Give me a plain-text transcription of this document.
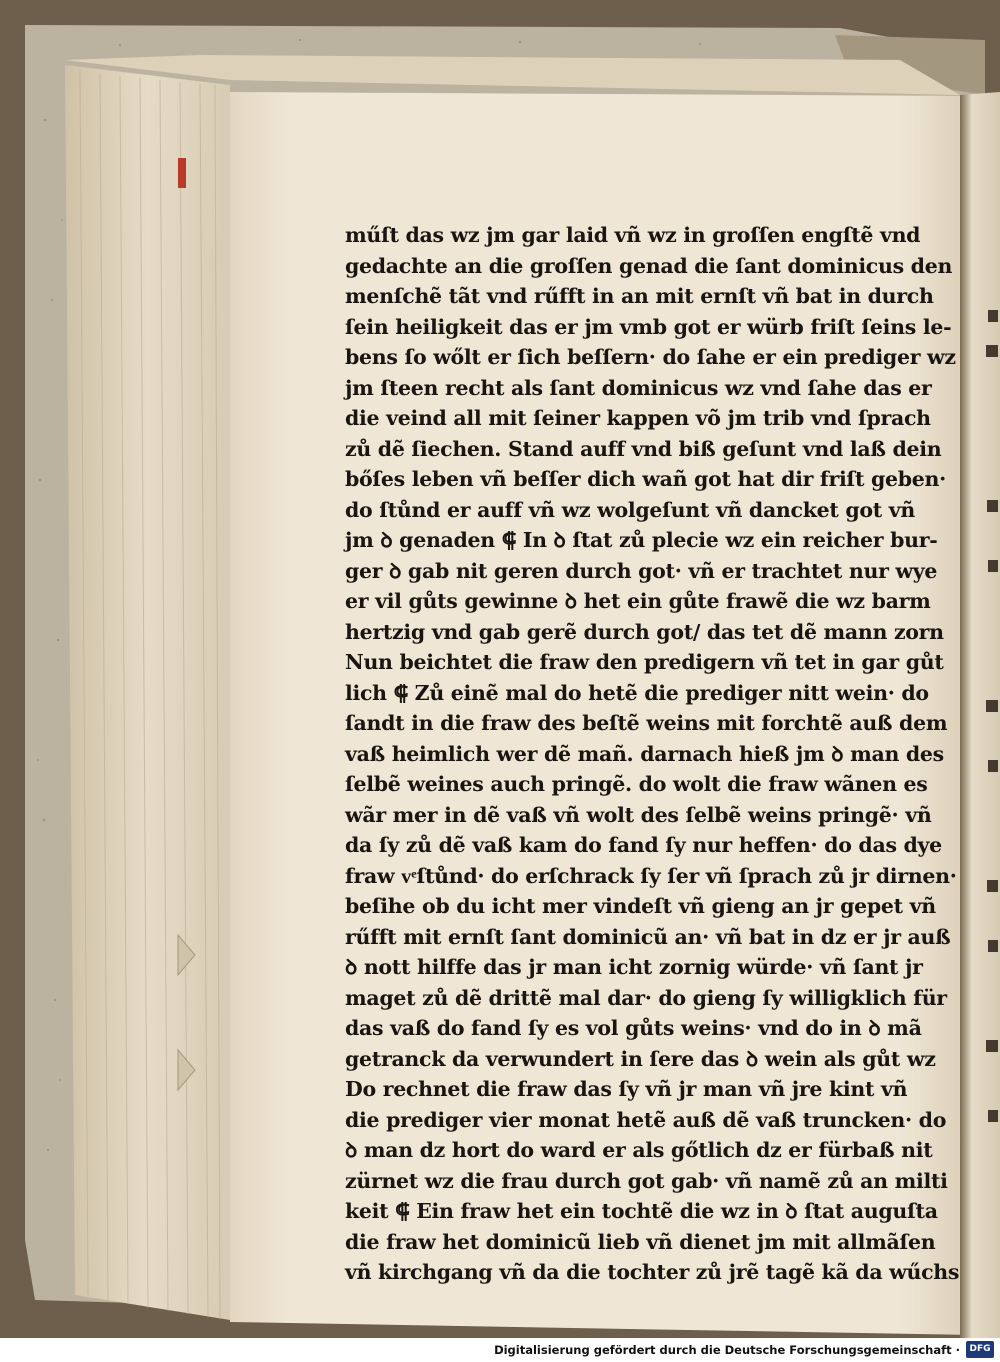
műſt das wz jm gar laid vñ wz in groſſen engſtẽ vnd
gedachte an die groſſen genad die ſant dominicus den
menſchẽ tãt vnd rűfft in an mit ernſt vñ bat in durch
ſein heiligkeit das er jm vmb got er würb friſt ſeins le-
bens ſo wőlt er ſich beſſern· do ſahe er ein prediger wz
jm ſteen recht als ſant dominicus wz vnd ſahe das er
die veind all mit ſeiner kappen võ jm trib vnd ſprach
zů dẽ ſiechen. Stand auff vnd biß geſunt vnd laß dein
bőſes leben vñ beſſer dich wañ got hat dir friſt geben·
do ſtůnd er auff vñ wz wolgeſunt vñ dancket got vñ
jm ꝺ genaden ⸿ In ꝺ ſtat zů plecie wz ein reicher bur-
ger ꝺ gab nit geren durch got· vñ er trachtet nur wye
er vil gůts gewinne ꝺ het ein gůte frawẽ die wz barm
hertzig vnd gab gerẽ durch got/ das tet dẽ mann zorn
Nun beichtet die fraw den predigern vñ tet in gar gůt
lich ⸿ Zů einẽ mal do hetẽ die prediger nitt wein· do
ſandt in die fraw des beſtẽ weins mit forchtẽ auß dem
vaß heimlich wer dẽ mañ. darnach hieß jm ꝺ man des
ſelbẽ weines auch pringẽ. do wolt die fraw wãnen es
wãr mer in dẽ vaß vñ wolt des ſelbẽ weins pringẽ· vñ
da ſy zů dẽ vaß kam do fand ſy nur heffen· do das dye
fraw vͤſtůnd· do erſchrack ſy ſer vñ ſprach zů jr dirnen·
beſihe ob du icht mer vindeſt vñ gieng an jr gepet vñ
rűfft mit ernſt ſant dominicũ an· vñ bat in dz er jr auß
ꝺ nott hilffe das jr man icht zornig würde· vñ ſant jr
maget zů dẽ drittẽ mal dar· do gieng ſy willigklich für
das vaß do fand ſy es vol gůts weins· vnd do in ꝺ mã
getranck da verwundert in ſere das ꝺ wein als gůt wz
Do rechnet die fraw das ſy vñ jr man vñ jre kint vñ
die prediger vier monat hetẽ auß dẽ vaß truncken· do
ꝺ man dz hort do ward er als gőtlich dz er fürbaß nit
zürnet wz die frau durch got gab· vñ namẽ zů an milti
keit ⸿ Ein fraw het ein tochtẽ die wz in ꝺ ſtat auguſta
die fraw het dominicũ lieb vñ dienet jm mit allmãſen
vñ kirchgang vñ da die tochter zů jrẽ tagẽ kã da wűchs
Digitalisierung gefördert durch die Deutsche Forschungsgemeinschaft ·	DFG
